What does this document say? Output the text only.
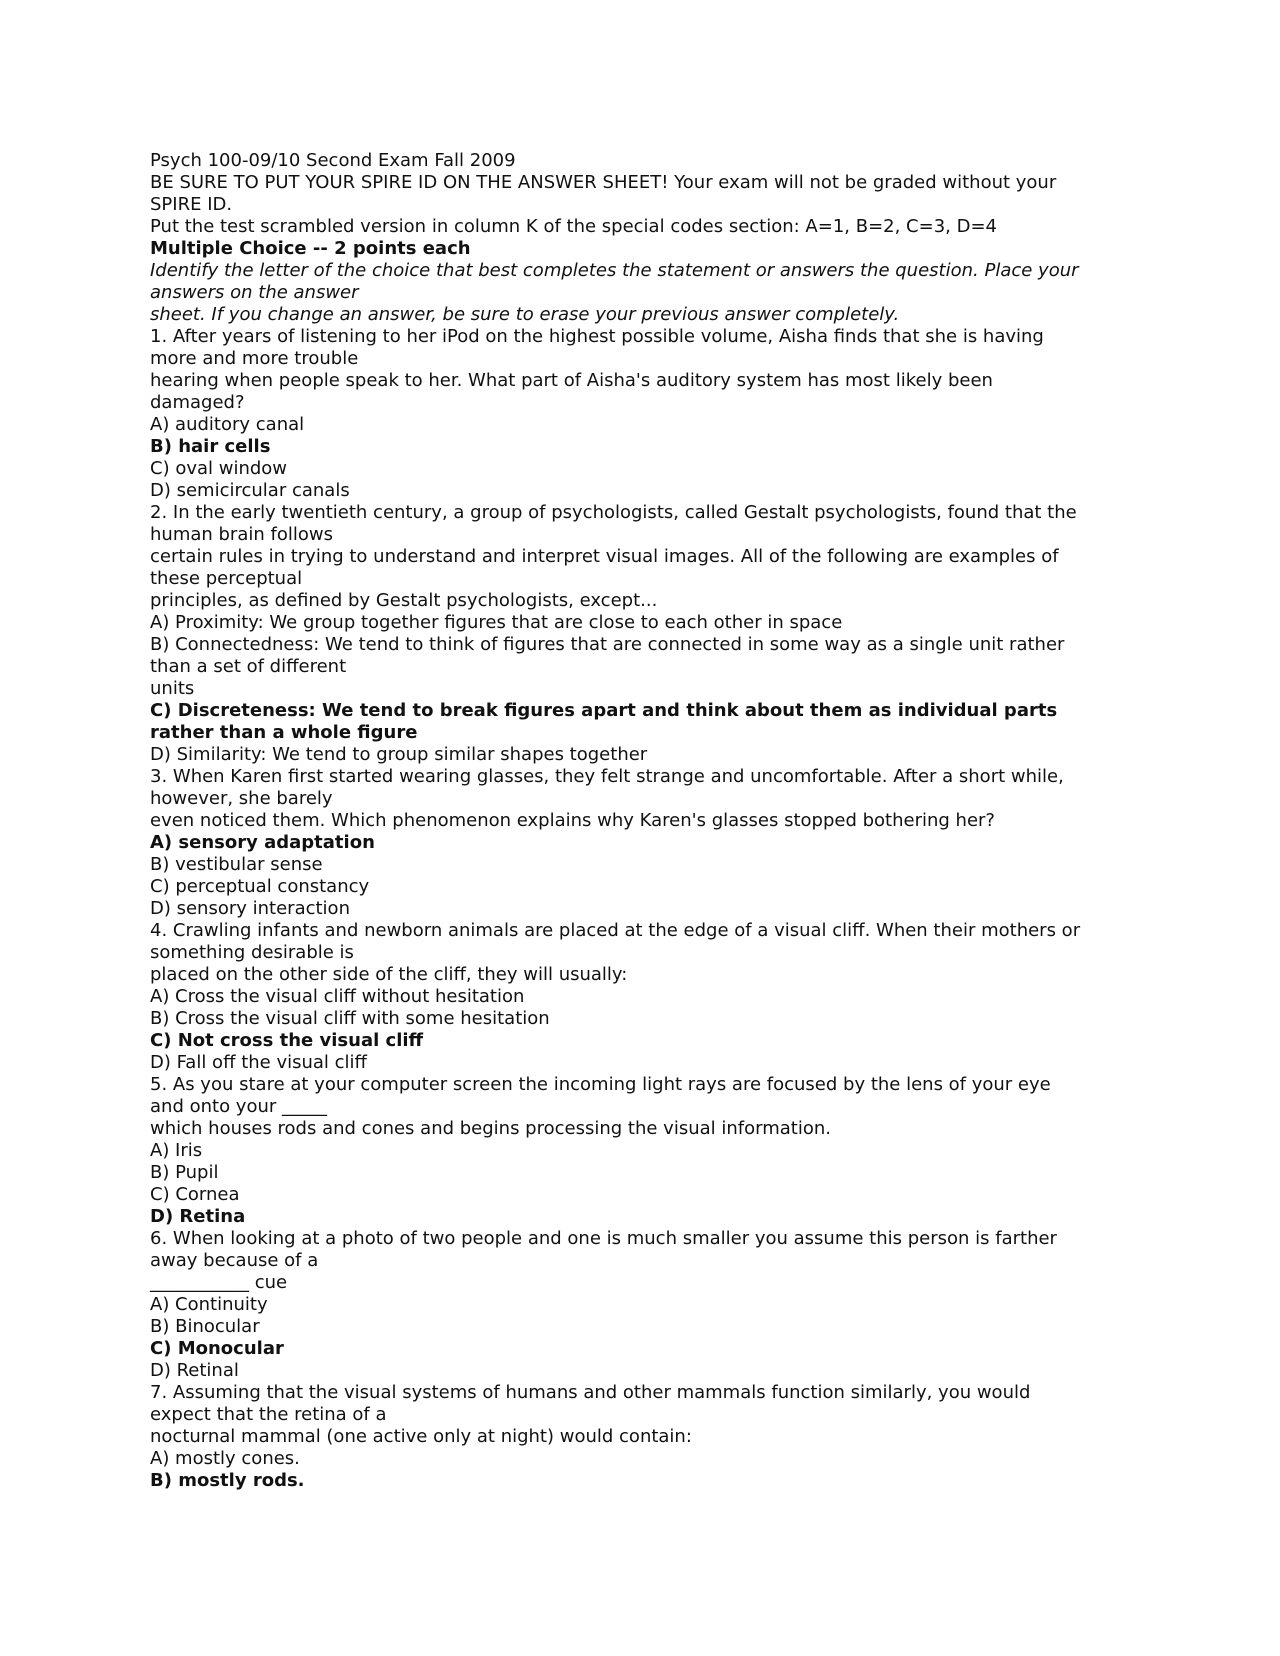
Psych 100-09/10 Second Exam Fall 2009
BE SURE TO PUT YOUR SPIRE ID ON THE ANSWER SHEET! Your exam will not be graded without your
SPIRE ID.
Put the test scrambled version in column K of the special codes section: A=1, B=2, C=3, D=4
Multiple Choice -- 2 points each
Identify the letter of the choice that best completes the statement or answers the question. Place your
answers on the answer
sheet. If you change an answer, be sure to erase your previous answer completely.
1. After years of listening to her iPod on the highest possible volume, Aisha finds that she is having
more and more trouble
hearing when people speak to her. What part of Aisha's auditory system has most likely been
damaged?
A) auditory canal
B) hair cells
C) oval window
D) semicircular canals
2. In the early twentieth century, a group of psychologists, called Gestalt psychologists, found that the
human brain follows
certain rules in trying to understand and interpret visual images. All of the following are examples of
these perceptual
principles, as defined by Gestalt psychologists, except...
A) Proximity: We group together figures that are close to each other in space
B) Connectedness: We tend to think of figures that are connected in some way as a single unit rather
than a set of different
units
C) Discreteness: We tend to break figures apart and think about them as individual parts
rather than a whole figure
D) Similarity: We tend to group similar shapes together
3. When Karen first started wearing glasses, they felt strange and uncomfortable. After a short while,
however, she barely
even noticed them. Which phenomenon explains why Karen's glasses stopped bothering her?
A) sensory adaptation
B) vestibular sense
C) perceptual constancy
D) sensory interaction
4. Crawling infants and newborn animals are placed at the edge of a visual cliff. When their mothers or
something desirable is
placed on the other side of the cliff, they will usually:
A) Cross the visual cliff without hesitation
B) Cross the visual cliff with some hesitation
C) Not cross the visual cliff
D) Fall off the visual cliff
5. As you stare at your computer screen the incoming light rays are focused by the lens of your eye
and onto your _____
which houses rods and cones and begins processing the visual information.
A) Iris
B) Pupil
C) Cornea
D) Retina
6. When looking at a photo of two people and one is much smaller you assume this person is farther
away because of a
___________ cue
A) Continuity
B) Binocular
C) Monocular
D) Retinal
7. Assuming that the visual systems of humans and other mammals function similarly, you would
expect that the retina of a
nocturnal mammal (one active only at night) would contain:
A) mostly cones.
B) mostly rods.
